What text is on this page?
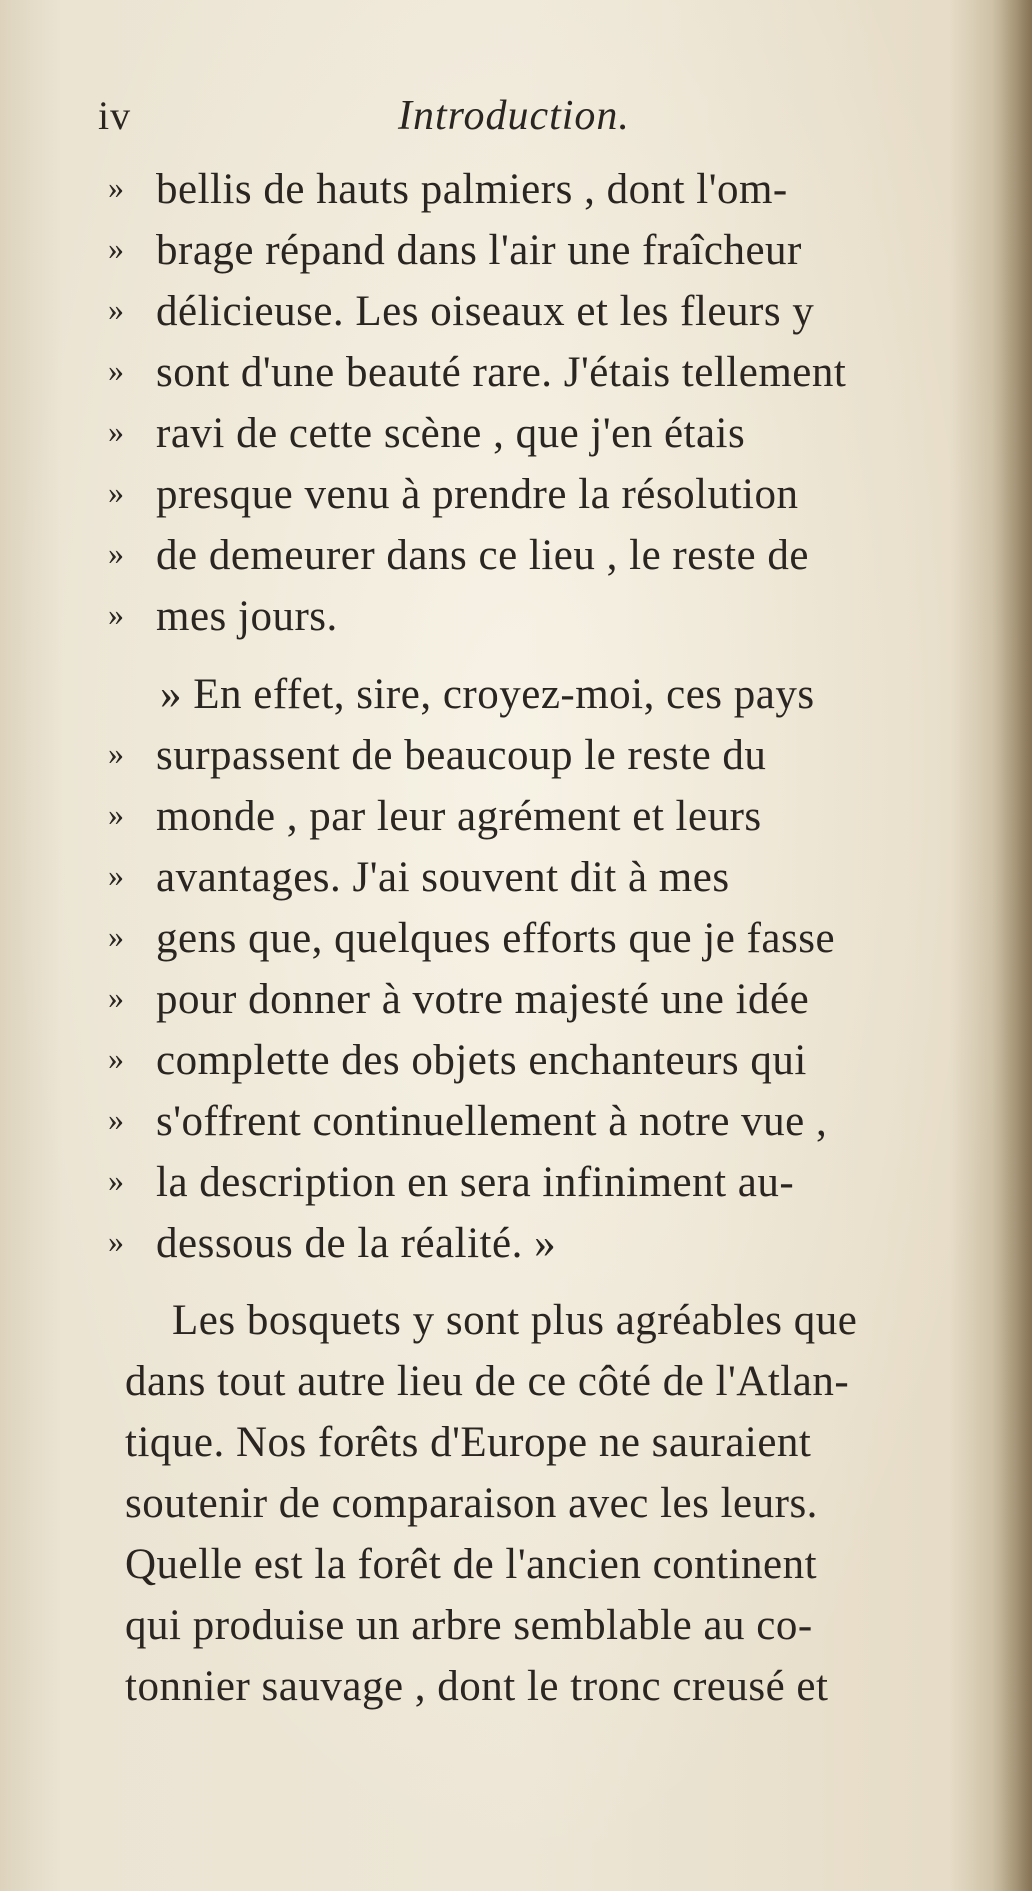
iv	Introduction.
» bellis de hauts palmiers , dont l'om-
» brage répand dans l'air une fraîcheur
» délicieuse. Les oiseaux et les fleurs y
» sont d'une beauté rare. J'étais tellement
» ravi de cette scène , que j'en étais
» presque venu à prendre la résolution
» de demeurer dans ce lieu , le reste de
» mes jours.
» En effet, sire, croyez-moi, ces pays
» surpassent de beaucoup le reste du
» monde , par leur agrément et leurs
» avantages. J'ai souvent dit à mes
» gens que, quelques efforts que je fasse
» pour donner à votre majesté une idée
» complette des objets enchanteurs qui
» s'offrent continuellement à notre vue ,
» la description en sera infiniment au-
» dessous de la réalité. »
Les bosquets y sont plus agréables que
dans tout autre lieu de ce côté de l'Atlan-
tique. Nos forêts d'Europe ne sauraient
soutenir de comparaison avec les leurs.
Quelle est la forêt de l'ancien continent
qui produise un arbre semblable au co-
tonnier sauvage , dont le tronc creusé et
